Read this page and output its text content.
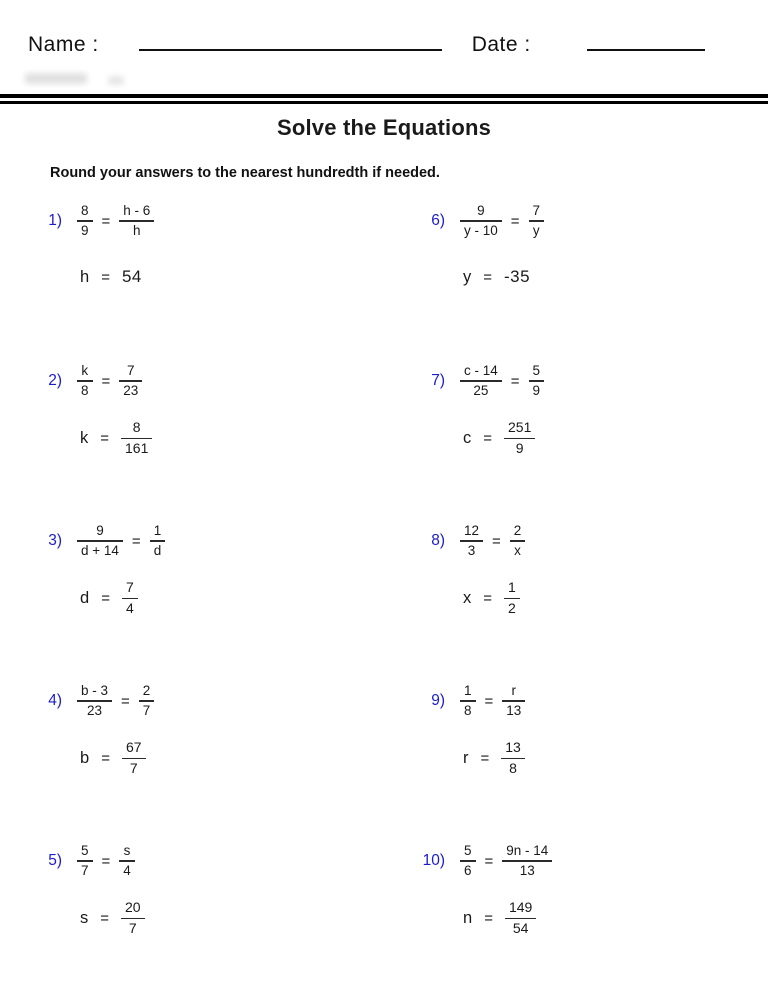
Name :	Date :
Solve the Equations

Round your answers to the nearest hundredth if needed.

$1) \frac{8}{9} = \frac{h - 6}{h}$
h = 54
$6) \frac{9}{y - 10} = \frac{7}{y}$
y = -35
$2) \frac{k}{8} = \frac{7}{23}$
$k = \frac{8}{161}$
$7) \frac{c - 14}{25} = \frac{5}{9}$
$c = \frac{251}{9}$
$3) \frac{9}{d + 14} = \frac{1}{d}$
$d = \frac{7}{4}$
$8) \frac{12}{3} = \frac{2}{x}$
$x = \frac{1}{2}$
$4) \frac{b - 3}{23} = \frac{2}{7}$
$b = \frac{67}{7}$
$9) \frac{1}{8} = \frac{r}{13}$
$r = \frac{13}{8}$
$5) \frac{5}{7} = \frac{s}{4}$
$s = \frac{20}{7}$
$10) \frac{5}{6} = \frac{9n - 14}{13}$
$n = \frac{149}{54}$
